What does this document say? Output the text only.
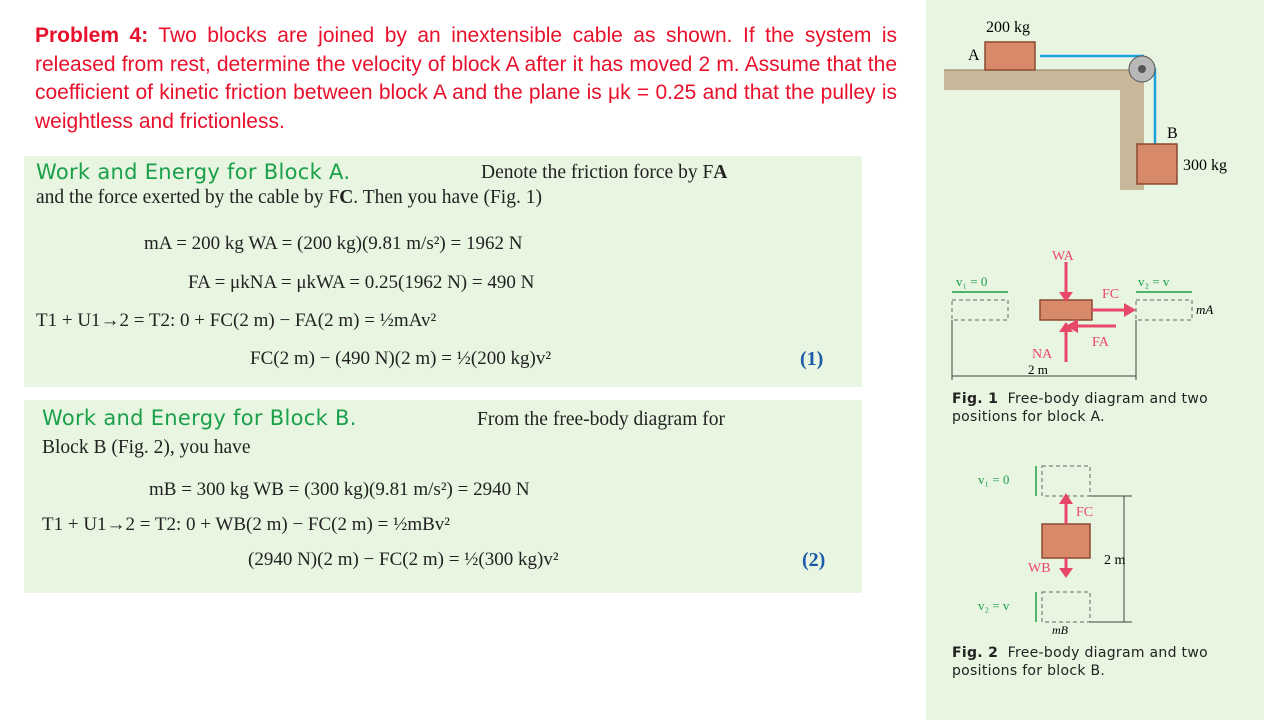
Problem 4: Two blocks are joined by an inextensible cable as shown. If the system is released from rest, determine the velocity of block A after it has moved 2 m. Assume that the coefficient of kinetic friction between block A and the plane is μk = 0.25 and that the pulley is weightless and frictionless.
Work and Energy for Block A.	Denote the friction force by FA
and the force exerted by the cable by FC. Then you have (Fig. 1)
mA = 200 kg WA = (200 kg)(9.81 m/s²) = 1962 N
FA = μkNA = μkWA = 0.25(1962 N) = 490 N
T1 + U1→2 = T2: 0 + FC(2 m) − FA(2 m) = ½mAv²
FC(2 m) − (490 N)(2 m) = ½(200 kg)v²	(1)
Work and Energy for Block B.	From the free-body diagram for
Block B (Fig. 2), you have
mB = 300 kg WB = (300 kg)(9.81 m/s²) = 2940 N
T1 + U1→2 = T2: 0 + WB(2 m) − FC(2 m) = ½mBv²
(2940 N)(2 m) − FC(2 m) = ½(300 kg)v²	(2)
200 kg
A
B
300 kg
v₁ = 0	v₂ = v
WA
FC
FA
NA
mA
2 m
Fig. 1 Free-body diagram and two positions for block A.
v₁ = 0
v₂ = v
FC
WB
2 m
mB
Fig. 2 Free-body diagram and two positions for block B.
